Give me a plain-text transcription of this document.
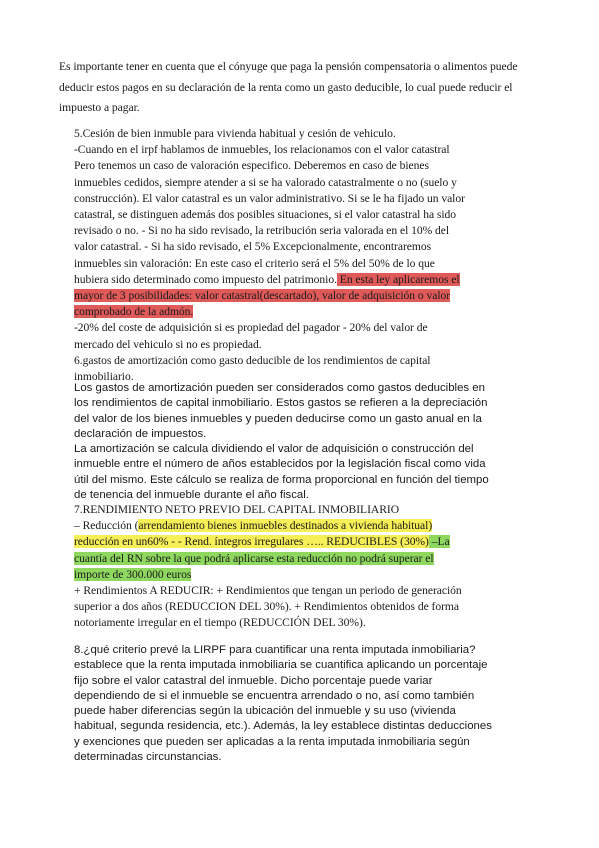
Es importante tener en cuenta que el cónyuge que paga la pensión compensatoria o alimentos puede
deducir estos pagos en su declaración de la renta como un gasto deducible, lo cual puede reducir el
impuesto a pagar.
5.Cesión de bien inmuble para vivienda habitual y cesión de vehiculo.
-Cuando en el irpf hablamos de inmuebles, los relacionamos con el valor catastral
Pero tenemos un caso de valoración especifico. Deberemos en caso de bienes
inmuebles cedidos, siempre atender a si se ha valorado catastralmente o no (suelo y
construcción). El valor catastral es un valor administrativo. Si se le ha fijado un valor
catastral, se distinguen además dos posibles situaciones, si el valor catastral ha sido
revisado o no. - Si no ha sido revisado, la retribución seria valorada en el 10% del
valor catastral. - Si ha sido revisado, el 5% Excepcionalmente, encontraremos
inmuebles sin valoración: En este caso el criterio será el 5% del 50% de lo que
hubiera sido determinado como impuesto del patrimonio. En esta ley aplicaremos el
mayor de 3 posibilidades: valor catastral(descartado), valor de adquisición o valor
comprobado de la admón.
-20% del coste de adquisición si es propiedad del pagador - 20% del valor de
mercado del vehiculo si no es propiedad.
6.gastos de amortización como gasto deducible de los rendimientos de capital
inmobiliario.
Los gastos de amortización pueden ser considerados como gastos deducibles en
los rendimientos de capital inmobiliario. Estos gastos se refieren a la depreciación
del valor de los bienes inmuebles y pueden deducirse como un gasto anual en la
declaración de impuestos.
La amortización se calcula dividiendo el valor de adquisición o construcción del
inmueble entre el número de años establecidos por la legislación fiscal como vida
útil del mismo. Este cálculo se realiza de forma proporcional en función del tiempo
de tenencia del inmueble durante el año fiscal.
7.RENDIMIENTO NETO PREVIO DEL CAPITAL INMOBILIARIO
– Reducción (arrendamiento bienes inmuebles destinados a vivienda habitual)
reducción en un60% - - Rend. íntegros irregulares ….. REDUCIBLES (30%) –La
cuantía del RN sobre la que podrá aplicarse esta reducción no podrá superar el
importe de 300.000 euros
+ Rendimientos A REDUCIR: + Rendimientos que tengan un periodo de generación
superior a dos años (REDUCCION DEL 30%). + Rendimientos obtenidos de forma
notoriamente irregular en el tiempo (REDUCCIÓN DEL 30%).
8.¿qué criterio prevé la LIRPF para cuantificar una renta imputada inmobiliaria?
establece que la renta imputada inmobiliaria se cuantifica aplicando un porcentaje
fijo sobre el valor catastral del inmueble. Dicho porcentaje puede variar
dependiendo de si el inmueble se encuentra arrendado o no, así como también
puede haber diferencias según la ubicación del inmueble y su uso (vivienda
habitual, segunda residencia, etc.). Además, la ley establece distintas deducciones
y exenciones que pueden ser aplicadas a la renta imputada inmobiliaria según
determinadas circunstancias.
